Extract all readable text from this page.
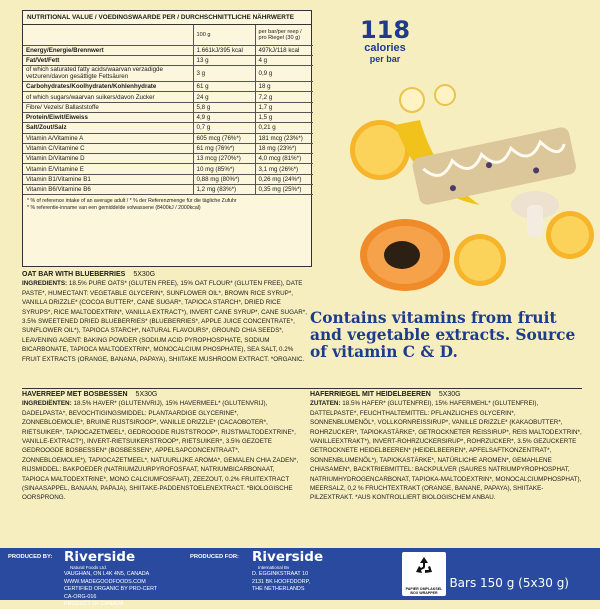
NUTRITIONAL VALUE / VOEDINGSWAARDE PER / DURCHSCHNITTLICHE NÄHRWERTE
	100 g	per bar/per reep / pro Riegel (30 g)
Energy/Energie/Brennwert	1.661kJ/395 kcal	497kJ/118 kcal
Fat/Vet/Fett	13 g	4 g
of which saturated fatty acids/waarvan verzadigde vetzuren/davon gesättigte Fettsäuren	3 g	0,9 g
Carbohydrates/Koolhydraten/Kohlenhydrate	61 g	18 g
of which sugars/waarvan suikers/davon Zucker	24 g	7,2 g
Fibre/ Vezels/ Ballaststoffe	5,8 g	1,7 g
Protein/Eiwit/Eiweiss	4,9 g	1,5 g
Salt/Zout/Salz	0,7 g	0,21 g
Vitamin A/Vitamine A	605 mcg (76%*)	181 mcg (23%*)
Vitamin C/Vitamine C	61 mg (76%*)	18 mg (23%*)
Vitamin D/Vitamine D	13 mcg (270%*)	4,0 mcg (81%*)
Vitamin E/Vitamine E	10 mg (85%*)	3,1 mg (26%*)
Vitamin B1/Vitamine B1	0,88 mg (80%*)	0,26 mg (24%*)
Vitamin B6/Vitamine B6	1,2 mg (83%*)	0,35 mg (25%*)
* % of reference intake of an average adult / * % der Referenzmenge für die tägliche Zufuhr
* % referentie-inname van een gemiddelde volwassene (8400kJ / 2000kcal)
118
calories
per bar
OAT BAR WITH BLUEBERRIES 5X30G
INGREDIENTS: 18.5% PURE OATS* (GLUTEN FREE), 15% OAT FLOUR* (GLUTEN FREE), DATE PASTE*, HUMECTANT: VEGETABLE GLYCERIN*, SUNFLOWER OIL*, BROWN RICE SYRUP*, VANILLA DRIZZLE* (COCOA BUTTER*, CANE SUGAR*, TAPIOCA STARCH*, DRIED RICE SYRUPS*, RICE MALTODEXTRIN*, VANILLA EXTRACT*), INVERT CANE SYRUP*, CANE SUGAR*, 3.5% SWEETENED DRIED BLUEBERRIES* (BLUEBERRIES*, APPLE JUICE CONCENTRATE*, SUNFLOWER OIL*), TAPIOCA STARCH*, NATURAL FLAVOURS*, GROUND CHIA SEEDS*, LEAVENING AGENT: BAKING POWDER (SODIUM ACID PYROPHOSPHATE, SODIUM BICARBONATE, TAPIOCA MALTODEXTRIN*, MONOCALCIUM PHOSPHATE), SEA SALT, 0.2% FRUIT EXTRACTS (ORANGE, BANANA, PAPAYA), SHIITAKE MUSHROOM EXTRACT. *ORGANIC.
Contains vitamins from fruit and vegetable extracts. Source of vitamin C & D.
HAVERREEP MET BOSBESSEN 5X30G
INGREDIËNTEN: 18.5% HAVER* (GLUTENVRIJ), 15% HAVERMEEL* (GLUTENVRIJ), DADELPASTA*, BEVOCHTIGINGSMIDDEL: PLANTAARDIGE GLYCERINE*, ZONNEBLOEMOLIE*, BRUINE RIJSTSIROOP*, VANILLE DRIZZLE* (CACAOBOTER*, RIETSUIKER*, TAPIOCAZETMEEL*, GEDROOGDE RIJSTSTROOP*, RIJSTMALTODEXTRINE*, VANILLE-EXTRACT*), INVERT-RIETSUIKERSTROOP*, RIETSUIKER*, 3.5% GEZOETE GEDROOGDE BOSBESSEN* (BOSBESSEN*, APPELSAPCONCENTRAAT*, ZONNEBLOEMOLIE*), TAPIOCAZETMEEL*, NATUURLIJKE AROMA*, GEMALEN CHIA ZADEN*, RIJSMIDDEL: BAKPOEDER (NATRIUMZUURPYROFOSFAAT, NATRIUMBICARBONAAT, TAPIOCA MALTODEXTRINE*, MONO CALCIUMFOSFAAT), ZEEZOUT, 0.2% FRUITEXTRACT (SINAASAPPEL, BANAAN, PAPAJA), SHIITAKE-PADDENSTOELENEXTRACT. *BIOLOGISCHE OORSPRONG.
HAFERRIEGEL MIT HEIDELBEEREN 5X30G
ZUTATEN: 18.5% HAFER* (GLUTENFREI), 15% HAFERMEHL* (GLUTENFREI), DATTELPASTE*, FEUCHTHALTEMITTEL: PFLANZLICHES GLYCERIN*, SONNENBLUMENÖL*, VOLLKORNREISSIRUP*, VANILLE DRIZZLE* (KAKAOBUTTER*, ROHRZUCKER*, TAPIOKASTÄRKE*, GETROCKNETER REISSIRUP*, REIS MALTODEXTRIN*, VANILLEEXTRAKT*), INVERT-ROHRZUCKERSIRUP*, ROHRZUCKER*, 3.5% GEZUCKERTE GETROCKNETE HEIDELBEEREN* (HEIDELBEEREN*, APFELSAFTKONZENTRAT*, SONNENBLUMENÖL*), TAPIOKASTÄRKE*, NATÜRLICHE AROMEN*, GEMAHLENE CHIASAMEN*, BACKTRIEBMITTEL: BACKPULVER (SAURES NATRIUMPYROPHOSPHAT, NATRIUMHYDROGENCARBONAT, TAPIOKA-MALTODEXTRIN*, MONOCALCIUMPHOSPHAT), MEERSALZ, 0,2 % FRUCHTEXTRAKT (ORANGE, BANANE, PAPAYA), SHIITAKE-PILZEXTRAKT. *AUS KONTROLLIERT BIOLOGISCHEM ANBAU.
PRODUCED BY: Riverside
Natural Foods Ltd.
VAUGHAN, ON L4K 4N5, CANADA
WWW.MADEGOODFOODS.COM
CERTIFIED ORGANIC BY PRO-CERT
CA-ORG-016
PRODUCT OF CANADA
PRODUCED FOR: Riverside
International Bv
D. EGGINKSTRAAT 10
2131 BK HOOFDDORP,
THE NETHERLANDS	PAPIER OMPLAKSEL BOX WRAPPER
5 Bars 150 g (5x30 g)
